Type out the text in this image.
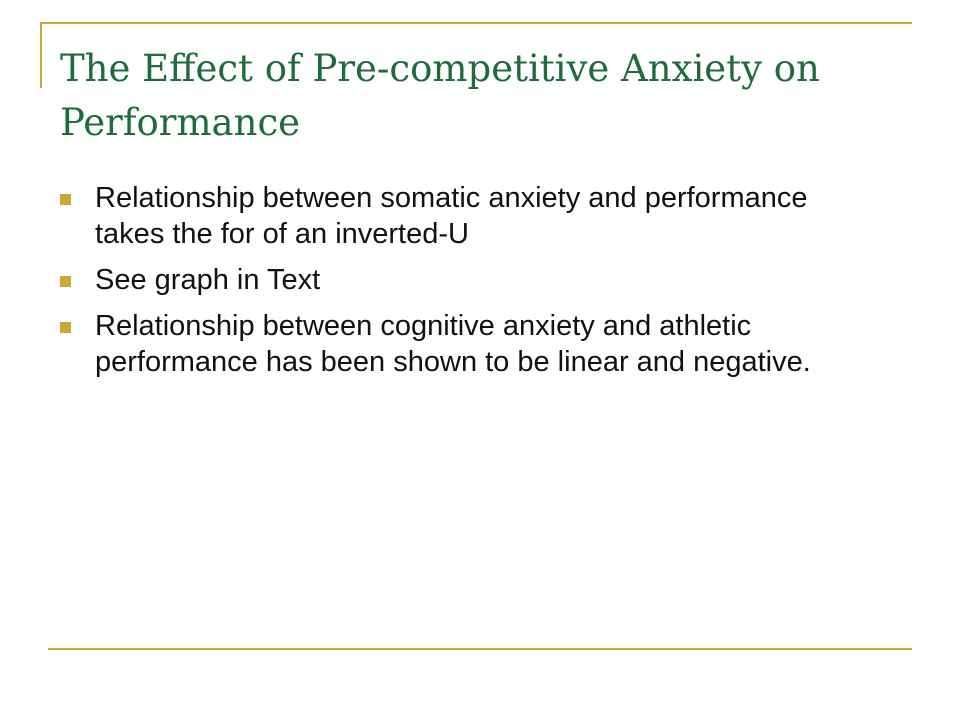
The Effect of Pre-competitive Anxiety on Performance
Relationship between somatic anxiety and performance takes the for of an inverted-U
See graph in Text
Relationship between cognitive anxiety and athletic performance has been shown to be linear and negative.
